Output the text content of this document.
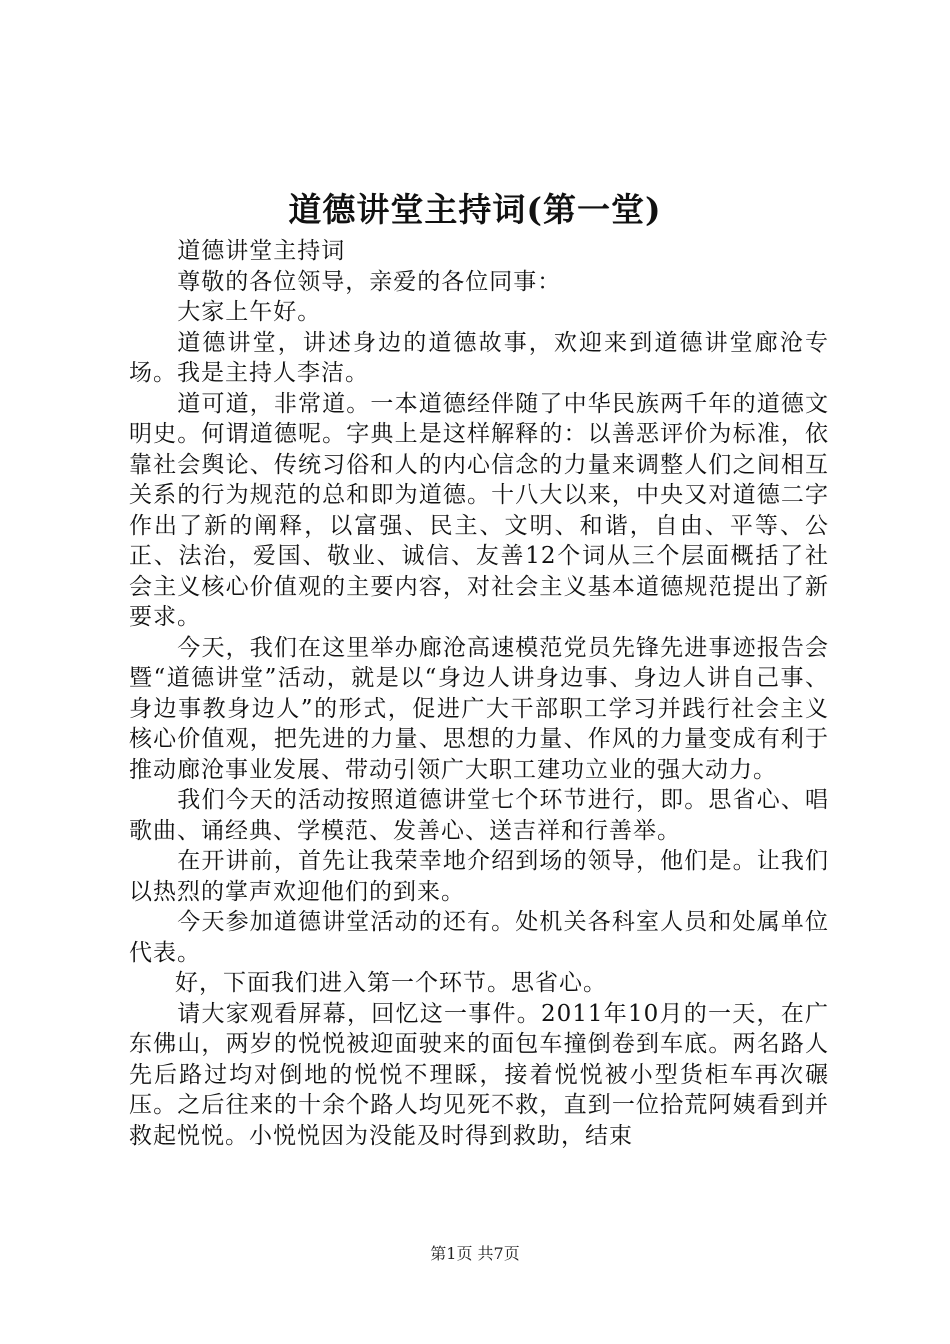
道德讲堂主持词(第一堂)

道德讲堂主持词

尊敬的各位领导，亲爱的各位同事：

大家上午好。

道德讲堂，讲述身边的道德故事，欢迎来到道德讲堂廊沧专场。我是主持人李洁。

道可道，非常道。一本道德经伴随了中华民族两千年的道德文明史。何谓道德呢。字典上是这样解释的：以善恶评价为标准，依靠社会舆论、传统习俗和人的内心信念的力量来调整人们之间相互关系的行为规范的总和即为道德。十八大以来，中央又对道德二字作出了新的阐释，以富强、民主、文明、和谐，自由、平等、公正、法治，爱国、敬业、诚信、友善12个词从三个层面概括了社会主义核心价值观的主要内容，对社会主义基本道德规范提出了新要求。

今天，我们在这里举办廊沧高速模范党员先锋先进事迹报告会暨“道德讲堂”活动，就是以“身边人讲身边事、身边人讲自己事、身边事教身边人”的形式，促进广大干部职工学习并践行社会主义核心价值观，把先进的力量、思想的力量、作风的力量变成有利于推动廊沧事业发展、带动引领广大职工建功立业的强大动力。

我们今天的活动按照道德讲堂七个环节进行，即。思省心、唱歌曲、诵经典、学模范、发善心、送吉祥和行善举。

在开讲前，首先让我荣幸地介绍到场的领导，他们是。让我们以热烈的掌声欢迎他们的到来。

今天参加道德讲堂活动的还有。处机关各科室人员和处属单位代表。

好，下面我们进入第一个环节。思省心。

请大家观看屏幕，回忆这一事件。2011年10月的一天，在广东佛山，两岁的悦悦被迎面驶来的面包车撞倒卷到车底。两名路人先后路过均对倒地的悦悦不理睬，接着悦悦被小型货柜车再次碾压。之后往来的十余个路人均见死不救，直到一位拾荒阿姨看到并救起悦悦。小悦悦因为没能及时得到救助，结束

第1页 共7页
